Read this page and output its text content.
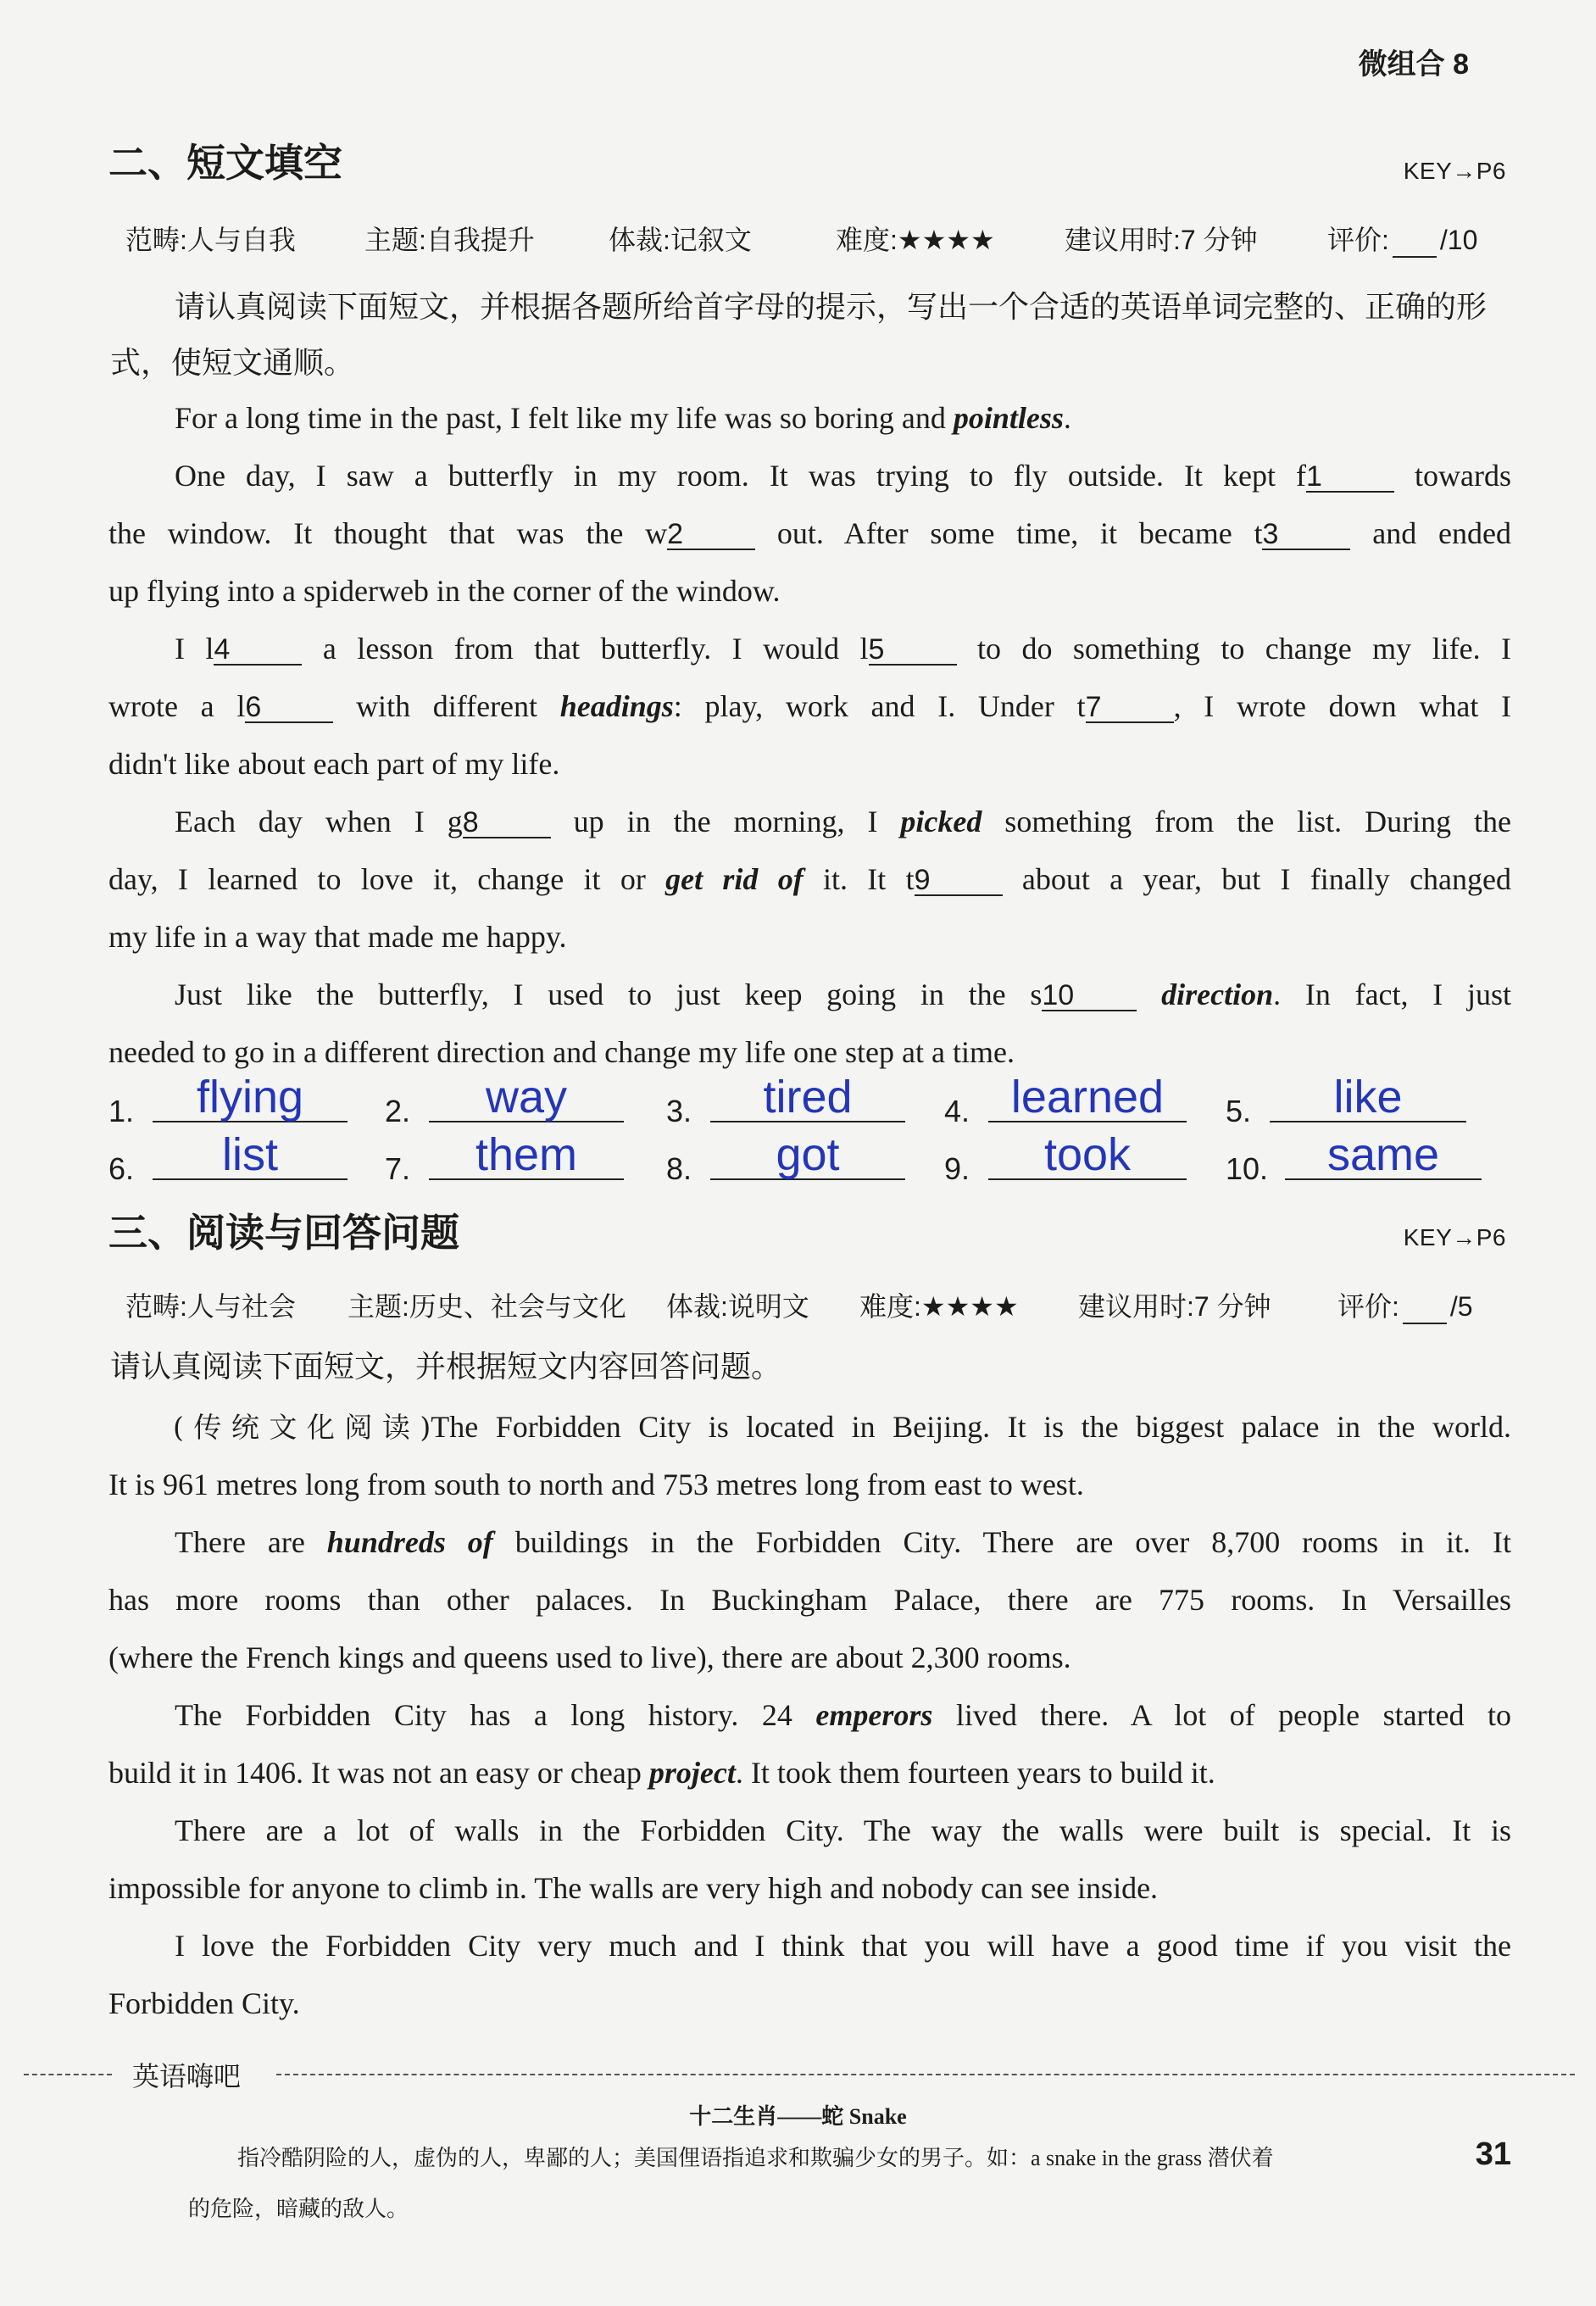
微组合 8
二、短文填空	KEY→P6
范畴:人与自我	主题:自我提升	体裁:记叙文	难度:★★★★	建议用时:7 分钟	评价: /10
请认真阅读下面短文，并根据各题所给首字母的提示，写出一个合适的英语单词完整的、正确的形式，使短文通顺。
For a long time in the past, I felt like my life was so boring and pointless.
One day, I saw a butterfly in my room. It was trying to fly outside. It kept f1	towards
the window. It thought that was the w2	out. After some time, it became t3	and ended
up flying into a spiderweb in the corner of the window.
I l4	a lesson from that butterfly. I would l5	to do something to change my life. I
wrote a l6	with different headings: play, work and I. Under t7 , I wrote down what I
didn't like about each part of my life.
Each day when I g8	up in the morning, I picked something from the list. During the
day, I learned to love it, change it or get rid of it. It t9	about a year, but I finally changed
my life in a way that made me happy.
Just like the butterfly, I used to just keep going in the s10	direction. In fact, I just
needed to go in a different direction and change my life one step at a time.
1.	flying	2.	way	3.	tired	4. learned	5.	like
6.	list	7.	them	8.	got	9.	took	10.	same
三、阅读与回答问题	KEY→P6
范畴:人与社会 主题:历史、社会与文化 体裁:说明文 难度:★★★★ 建议用时:7 分钟 评价: /5
请认真阅读下面短文，并根据短文内容回答问题。
(传统文化阅读)The Forbidden City is located in Beijing. It is the biggest palace in the world.
It is 961 metres long from south to north and 753 metres long from east to west.
There are hundreds of buildings in the Forbidden City. There are over 8,700 rooms in it. It
has more rooms than other palaces. In Buckingham Palace, there are 775 rooms. In Versailles
(where the French kings and queens used to live), there are about 2,300 rooms.
The Forbidden City has a long history. 24 emperors lived there. A lot of people started to
build it in 1406. It was not an easy or cheap project. It took them fourteen years to build it.
There are a lot of walls in the Forbidden City. The way the walls were built is special. It is
impossible for anyone to climb in. The walls are very high and nobody can see inside.
I love the Forbidden City very much and I think that you will have a good time if you visit the
Forbidden City.
英语嗨吧
十二生肖——蛇 Snake
指冷酷阴险的人，虚伪的人，卑鄙的人；美国俚语指追求和欺骗少女的男子。如：a snake in the grass 潜伏着
的危险，暗藏的敌人。
31
